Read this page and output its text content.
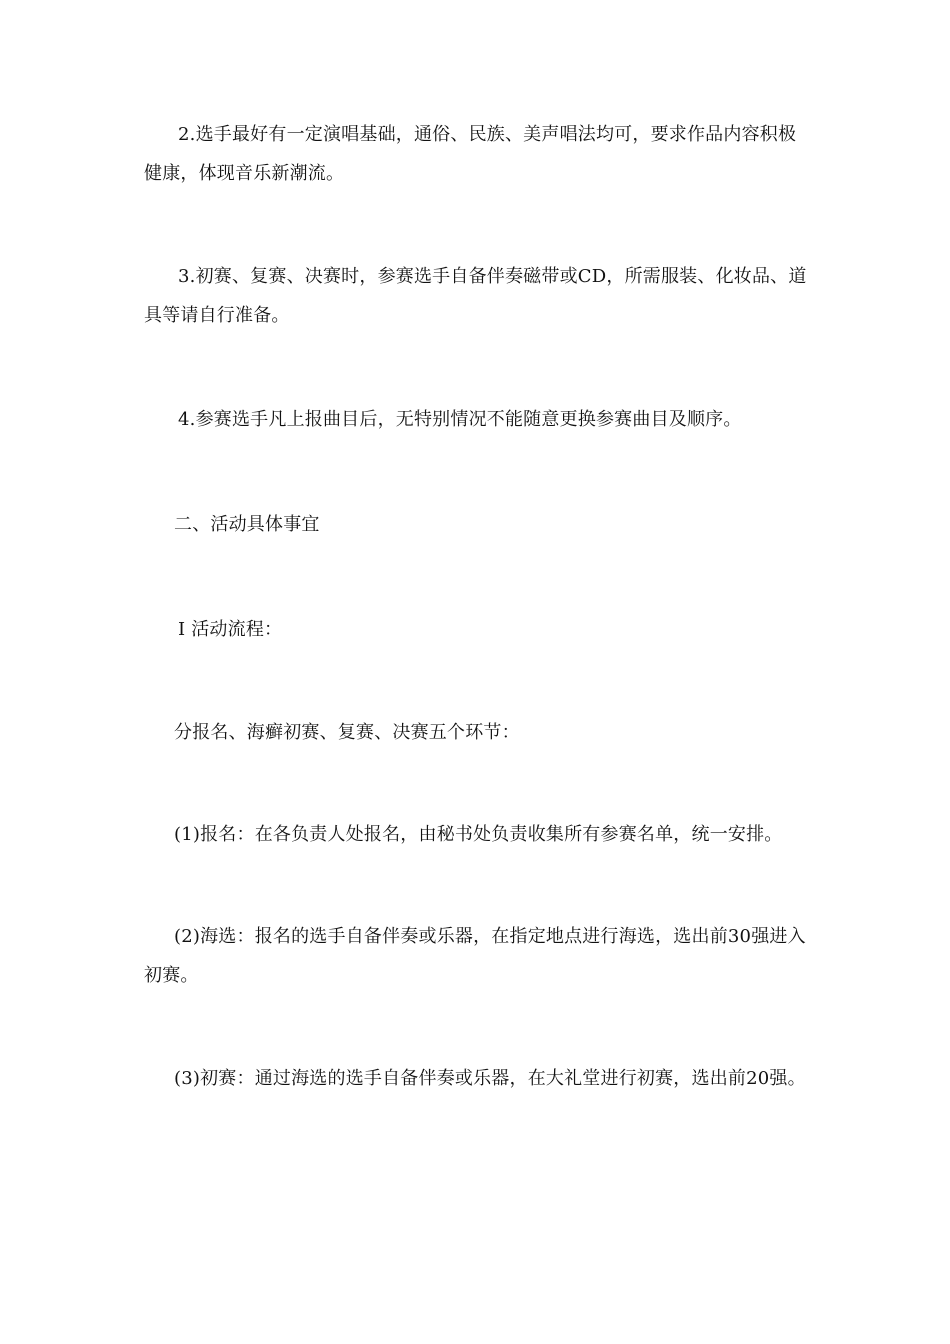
2.选手最好有一定演唱基础，通俗、民族、美声唱法均可，要求作品内容积极健康，体现音乐新潮流。

3.初赛、复赛、决赛时，参赛选手自备伴奏磁带或CD，所需服装、化妆品、道具等请自行准备。

4.参赛选手凡上报曲目后，无特别情况不能随意更换参赛曲目及顺序。

二、活动具体事宜

Ⅰ 活动流程：

分报名、海癣初赛、复赛、决赛五个环节：

(1)报名：在各负责人处报名，由秘书处负责收集所有参赛名单，统一安排。

(2)海选：报名的选手自备伴奏或乐器，在指定地点进行海选，选出前30强进入初赛。

(3)初赛：通过海选的选手自备伴奏或乐器，在大礼堂进行初赛，选出前20强。
